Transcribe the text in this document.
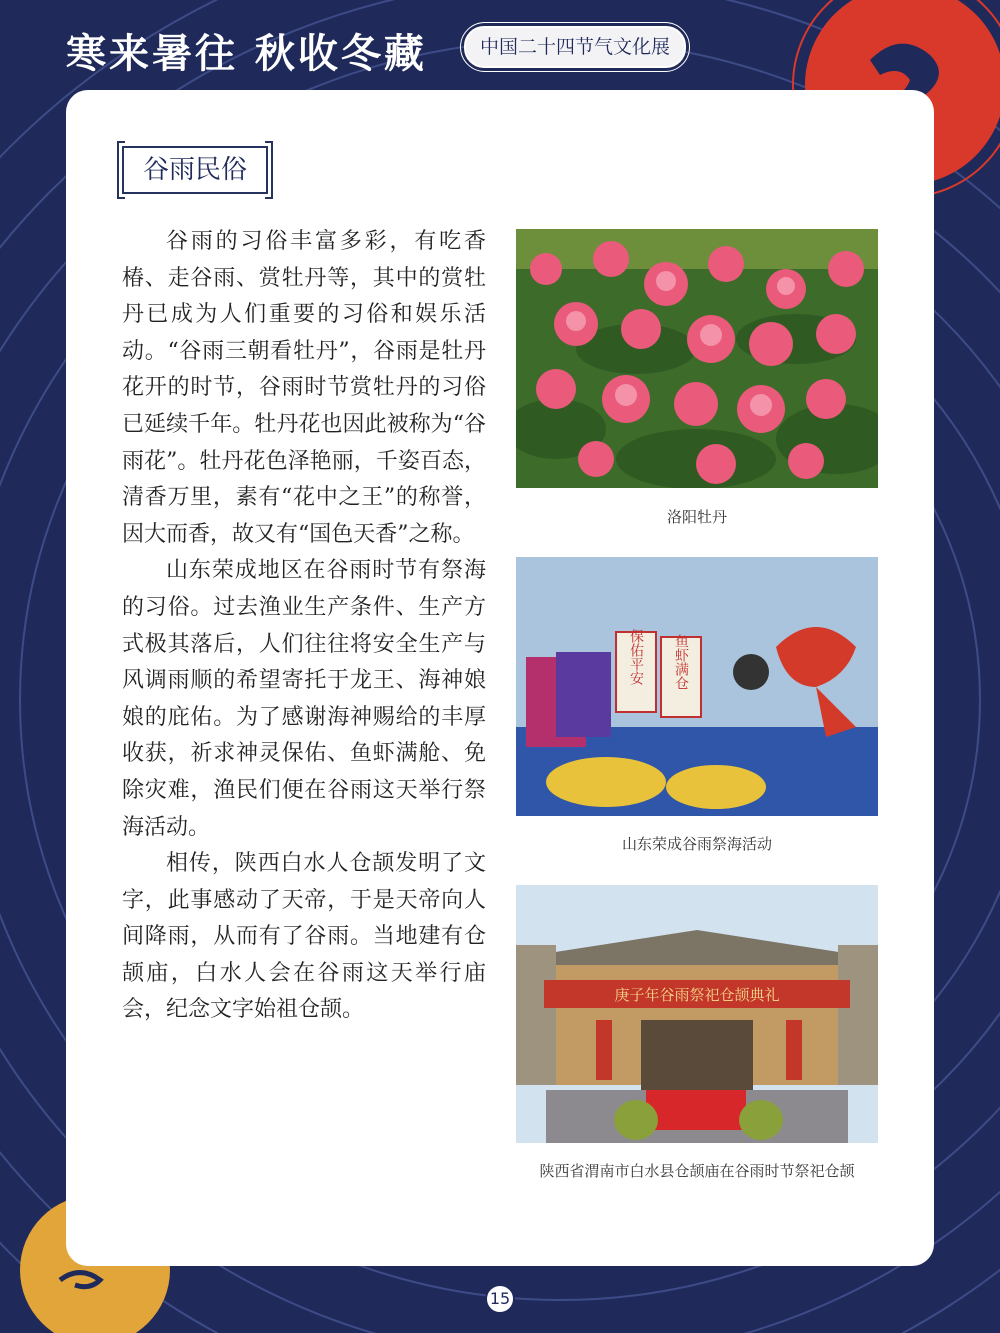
寒来暑往 秋收冬藏	中国二十四节气文化展
谷雨民俗

谷雨的习俗丰富多彩，有吃香椿、走谷雨、赏牡丹等，其中的赏牡丹已成为人们重要的习俗和娱乐活动。“谷雨三朝看牡丹”，谷雨是牡丹花开的时节，谷雨时节赏牡丹的习俗已延续千年。牡丹花也因此被称为“谷雨花”。牡丹花色泽艳丽，千姿百态，清香万里，素有“花中之王”的称誉，因大而香，故又有“国色天香”之称。

山东荣成地区在谷雨时节有祭海的习俗。过去渔业生产条件、生产方式极其落后，人们往往将安全生产与风调雨顺的希望寄托于龙王、海神娘娘的庇佑。为了感谢海神赐给的丰厚收获，祈求神灵保佑、鱼虾满舱、免除灾难，渔民们便在谷雨这天举行祭海活动。

相传，陕西白水人仓颉发明了文字，此事感动了天帝，于是天帝向人间降雨，从而有了谷雨。当地建有仓颉庙，白水人会在谷雨这天举行庙会，纪念文字始祖仓颉。

洛阳牡丹
保佑平安 鱼虾满仓
山东荣成谷雨祭海活动
庚子年谷雨祭祀仓颉典礼
陕西省渭南市白水县仓颉庙在谷雨时节祭祀仓颉
15
